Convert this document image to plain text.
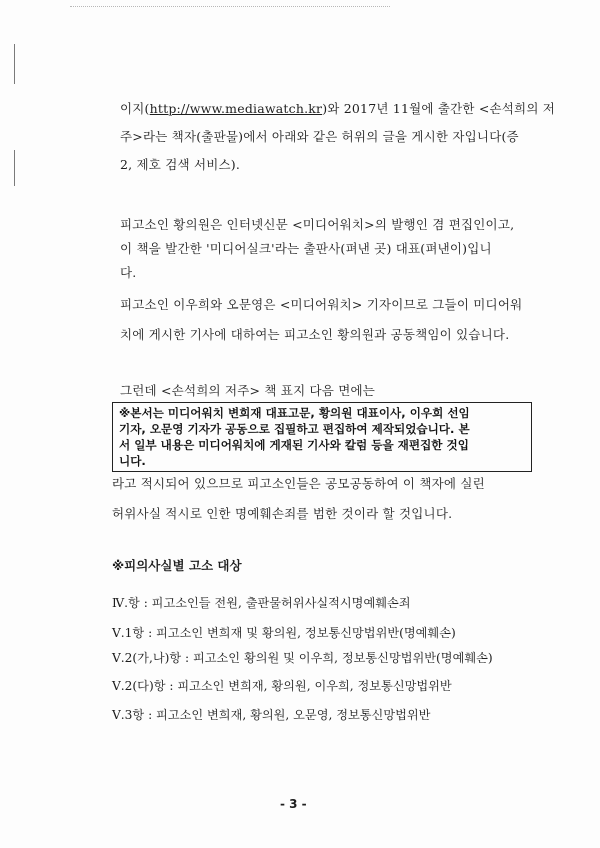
이지(http://www.mediawatch.kr)와 2017년 11월에 출간한 <손석희의 저
주>라는 책자(출판물)에서 아래와 같은 허위의 글을 게시한 자입니다(증
2, 제호 검색 서비스).
피고소인 황의원은 인터넷신문 <미디어워치>의 발행인 겸 편집인이고,
이 책을 발간한 '미디어실크'라는 출판사(펴낸 곳) 대표(펴낸이)입니
다.
피고소인 이우희와 오문영은 <미디어워치> 기자이므로 그들이 미디어워
치에 게시한 기사에 대하여는 피고소인 황의원과 공동책임이 있습니다.
그런데 <손석희의 저주> 책 표지 다음 면에는
※본서는 미디어워치 변희재 대표고문, 황의원 대표이사, 이우희 선임
기자, 오문영 기자가 공동으로 집필하고 편집하여 제작되었습니다. 본
서 일부 내용은 미디어워치에 게재된 기사와 칼럼 등을 재편집한 것입
니다.
라고 적시되어 있으므로 피고소인들은 공모공동하여 이 책자에 실린
허위사실 적시로 인한 명예훼손죄를 범한 것이라 할 것입니다.
※피의사실별 고소 대상
Ⅳ.항 : 피고소인들 전원, 출판물허위사실적시명예훼손죄
Ⅴ.1항 : 피고소인 변희재 및 황의원, 정보통신망법위반(명예훼손)
Ⅴ.2(가,나)항 : 피고소인 황의원 및 이우희, 정보통신망법위반(명예훼손)
Ⅴ.2(다)항 : 피고소인 변희재, 황의원, 이우희, 정보통신망법위반
Ⅴ.3항 : 피고소인 변희재, 황의원, 오문영, 정보통신망법위반
- 3 -
